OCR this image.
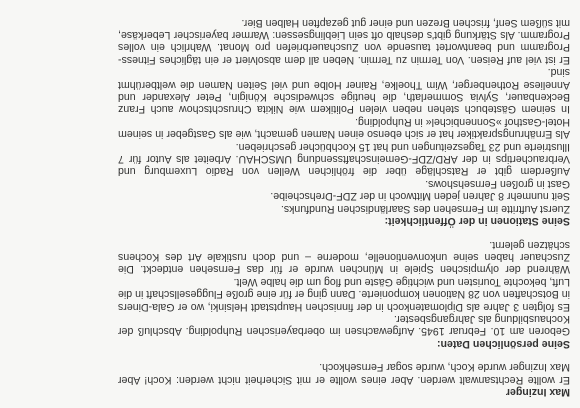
Max Inzinger

Er wollte Rechtsanwalt werden. Aber eines wollte er mit Sicherheit nicht werden: Koch! Aber Max Inzinger wurde Koch, wurde sogar Fernsehkoch.

Seine persönlichen Daten:

Geboren am 10. Februar 1945. Aufgewachsen im oberbayerischen Ruhpolding. Abschluß der Kochausbildung als Jahrgangsbester.
Es folgten 3 Jahre als Diplomatenkoch in der finnischen Hauptstadt Helsinki, wo er Gala-Diners in Botschaften von 28 Nationen komponierte. Dann ging er für eine große Fluggesellschaft in die Luft, bekochte Touristen und wichtige Gäste und flog um die halbe Welt.
Während der olympischen Spiele in München wurde er für das Fernsehen entdeckt. Die Zuschauer haben seine unkonventionelle, moderne – und doch rustikale Art des Kochens schätzen gelernt.

Seine Stationen in der Öffentlichkeit:

Zuerst Auftritte im Fernsehen des Saarländischen Rundfunks.
Seit nunmehr 8 Jahren jeden Mittwoch in der ZDF-Drehscheibe.
Gast in großen Fernsehshows.
Außerdem gibt er Ratschläge über die fröhlichen Wellen von Radio Luxemburg und Verbrauchertips in der ARD/ZDF-Gemeinschaftssendung UMSCHAU. Arbeitet als Autor für 7 Illustrierte und 23 Tageszeitungen und hat 15 Kochbücher geschrieben.
Als Ernährungspraktiker hat er sich ebenso einen Namen gemacht, wie als Gastgeber in seinem Hotel-Gasthof »Sonnenbichel« in Ruhpolding.
In seinem Gästebuch stehen neben vielen Politikern wie Nikita Chruschtschow auch Franz Beckenbauer, Sylvia Sommerlath, die heutige schwedische Königin, Peter Alexander und Anneliese Rothenberger, Wim Thoelke, Rainer Holbe und viel Seiten Namen die weltberühmt sind.
Er ist viel auf Reisen. Von Termin zu Termin. Neben all dem absolviert er ein tägliches Fitness-Programm und beantwortet tausende von Zuschauerbriefen pro Monat. Wahrlich ein volles Programm. Als Stärkung gibt's deshalb oft sein Lieblingsessen: Warmer bayerischer Leberkäse, mit süßem Senf, frischen Brezen und einer gut gezapften Halben Bier.
